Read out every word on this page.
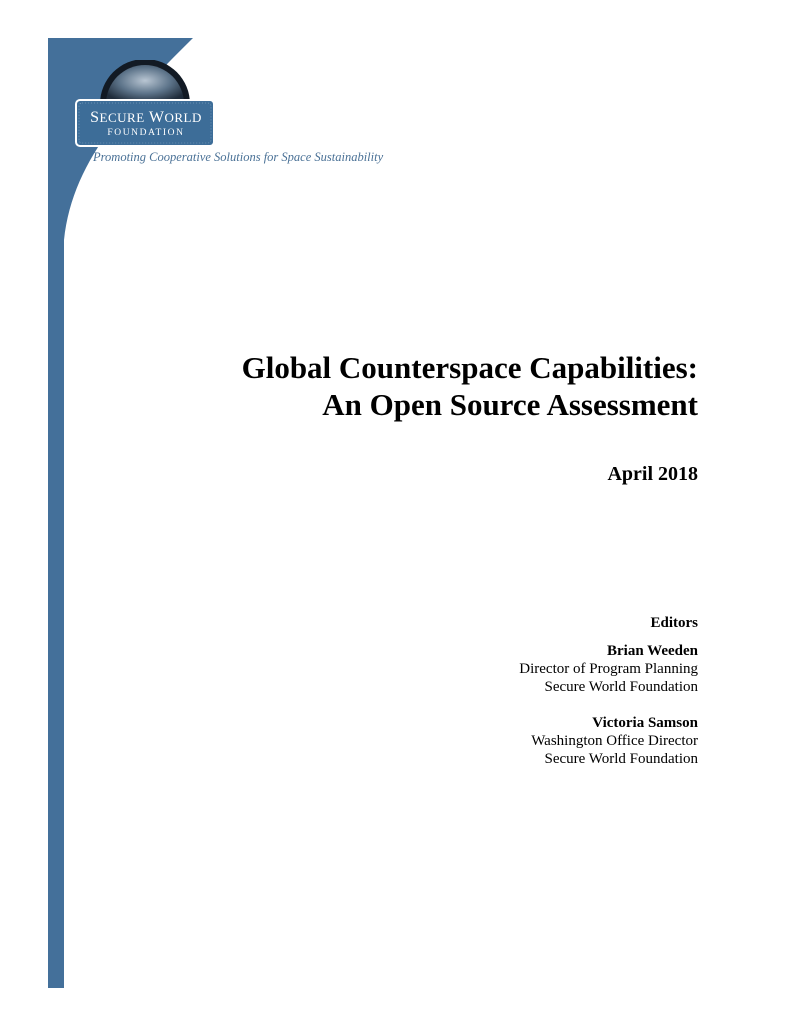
SECURE WORLD
FOUNDATION
Promoting Cooperative Solutions for Space Sustainability
Global Counterspace Capabilities:
An Open Source Assessment
April 2018
Editors
Brian Weeden
Director of Program Planning
Secure World Foundation
Victoria Samson
Washington Office Director
Secure World Foundation
